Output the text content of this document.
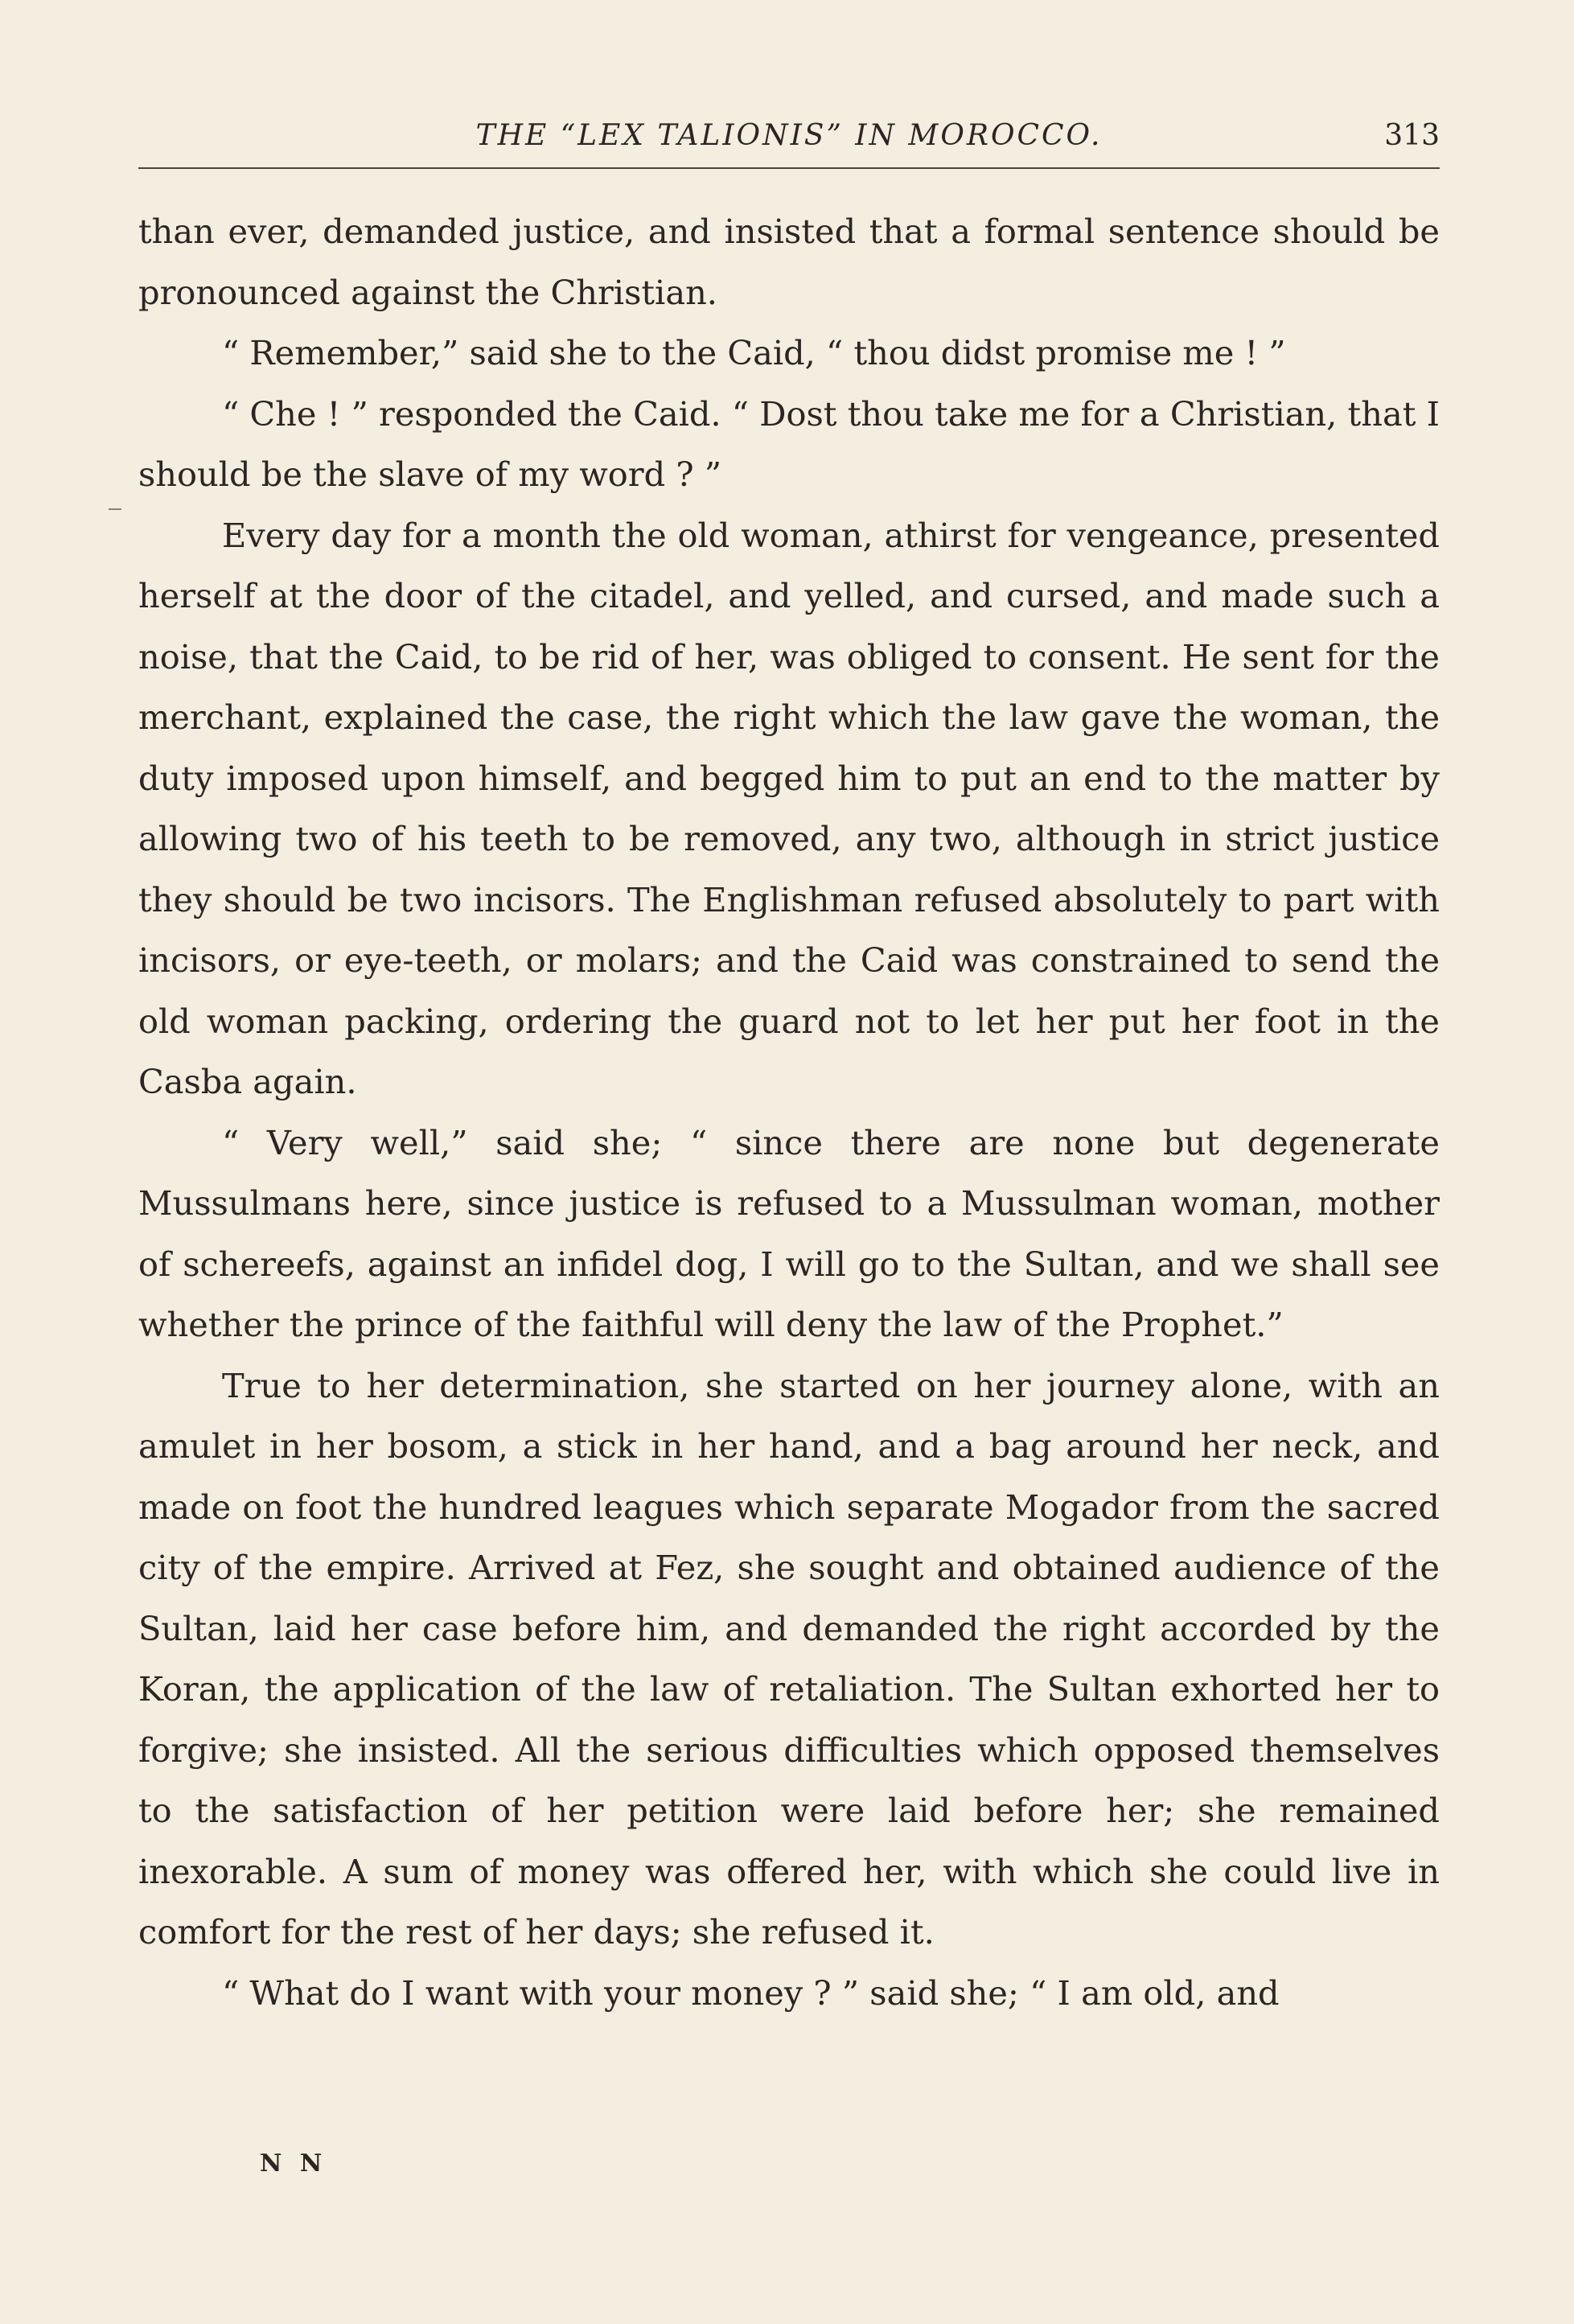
THE “LEX TALIONIS” IN MOROCCO.	313

than ever, demanded justice, and insisted that a formal sentence should be pronounced against the Christian.

“ Remember,” said she to the Caid, “ thou didst promise me ! ”

“ Che ! ” responded the Caid. “ Dost thou take me for a Christian, that I should be the slave of my word ? ”

Every day for a month the old woman, athirst for vengeance, presented herself at the door of the citadel, and yelled, and cursed, and made such a noise, that the Caid, to be rid of her, was obliged to consent. He sent for the merchant, explained the case, the right which the law gave the woman, the duty imposed upon himself, and begged him to put an end to the matter by allowing two of his teeth to be removed, any two, although in strict justice they should be two incisors. The Englishman refused absolutely to part with incisors, or eye-teeth, or molars; and the Caid was constrained to send the old woman packing, ordering the guard not to let her put her foot in the Casba again.

“ Very well,” said she; “ since there are none but degenerate Mussulmans here, since justice is refused to a Mussulman woman, mother of schereefs, against an infidel dog, I will go to the Sultan, and we shall see whether the prince of the faithful will deny the law of the Prophet.”

True to her determination, she started on her journey alone, with an amulet in her bosom, a stick in her hand, and a bag around her neck, and made on foot the hundred leagues which separate Mogador from the sacred city of the empire. Arrived at Fez, she sought and obtained audience of the Sultan, laid her case before him, and demanded the right accorded by the Koran, the application of the law of retaliation. The Sultan exhorted her to forgive; she insisted. All the serious difficulties which opposed themselves to the satisfaction of her petition were laid before her; she remained inexorable. A sum of money was offered her, with which she could live in comfort for the rest of her days; she refused it.

“ What do I want with your money ? ” said she; “ I am old, and

N N
